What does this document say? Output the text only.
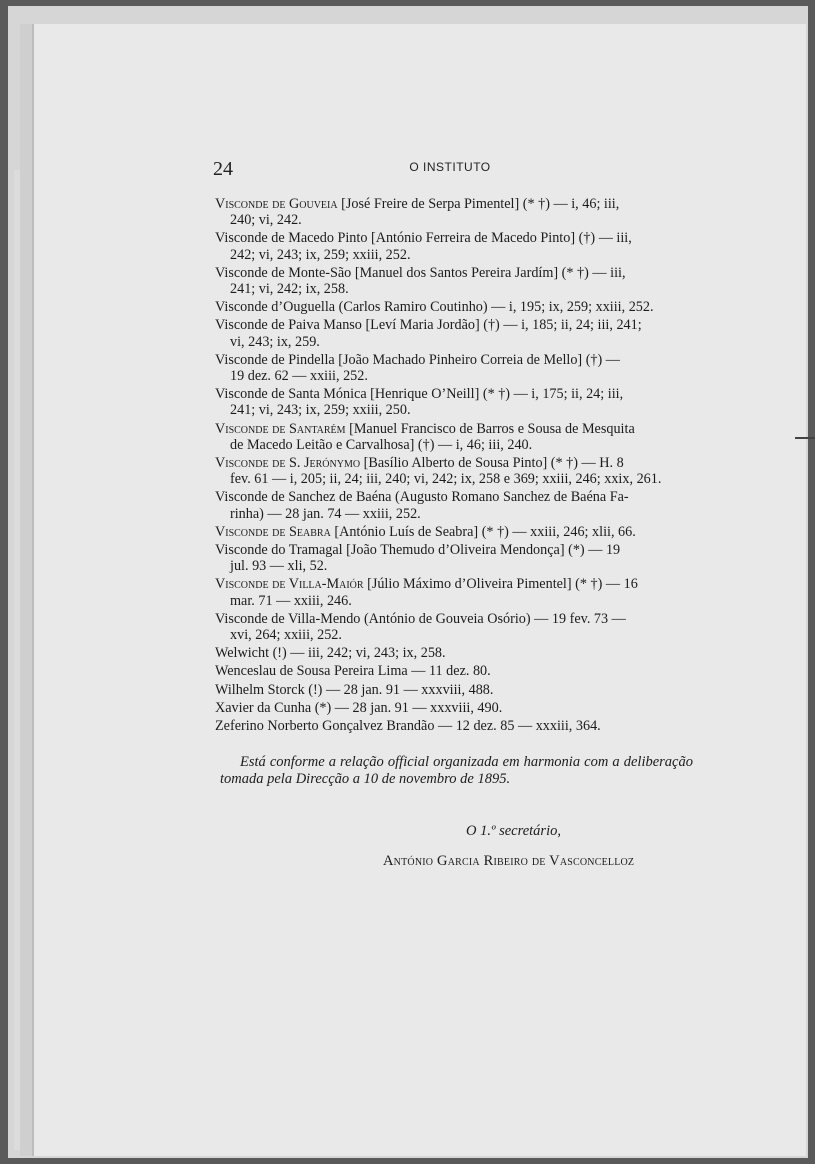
24	O INSTITUTO
Visconde de Gouveia [José Freire de Serpa Pimentel] (* †) — i, 46; iii,
240; vi, 242.
Visconde de Macedo Pinto [António Ferreira de Macedo Pinto] (†) — iii,
242; vi, 243; ix, 259; xxiii, 252.
Visconde de Monte-São [Manuel dos Santos Pereira Jardím] (* †) — iii,
241; vi, 242; ix, 258.
Visconde d’Ouguella (Carlos Ramiro Coutinho) — i, 195; ix, 259; xxiii, 252.
Visconde de Paiva Manso [Leví Maria Jordão] (†) — i, 185; ii, 24; iii, 241;
vi, 243; ix, 259.
Visconde de Pindella [João Machado Pinheiro Correia de Mello] (†) —
19 dez. 62 — xxiii, 252.
Visconde de Santa Mónica [Henrique O’Neill] (* †) — i, 175; ii, 24; iii,
241; vi, 243; ix, 259; xxiii, 250.
Visconde de Santarém [Manuel Francisco de Barros e Sousa de Mesquita
de Macedo Leitão e Carvalhosa] (†) — i, 46; iii, 240.
Visconde de S. Jerónymo [Basílio Alberto de Sousa Pinto] (* †) — H. 8
fev. 61 — i, 205; ii, 24; iii, 240; vi, 242; ix, 258 e 369; xxiii, 246; xxix, 261.
Visconde de Sanchez de Baéna (Augusto Romano Sanchez de Baéna Fa-
rinha) — 28 jan. 74 — xxiii, 252.
Visconde de Seabra [António Luís de Seabra] (* †) — xxiii, 246; xlii, 66.
Visconde do Tramagal [João Themudo d’Oliveira Mendonça] (*) — 19
jul. 93 — xli, 52.
Visconde de Villa-Maiór [Júlio Máximo d’Oliveira Pimentel] (* †) — 16
mar. 71 — xxiii, 246.
Visconde de Villa-Mendo (António de Gouveia Osório) — 19 fev. 73 —
xvi, 264; xxiii, 252.
Welwicht (!) — iii, 242; vi, 243; ix, 258.
Wenceslau de Sousa Pereira Lima — 11 dez. 80.
Wilhelm Storck (!) — 28 jan. 91 — xxxviii, 488.
Xavier da Cunha (*) — 28 jan. 91 — xxxviii, 490.
Zeferino Norberto Gonçalvez Brandão — 12 dez. 85 — xxxiii, 364.
Está conforme a relação official organizada em harmonia com a deliberação tomada pela Direcção a 10 de novembro de 1895.
O 1.º secretário,
António Garcia Ribeiro de Vasconcelloz
